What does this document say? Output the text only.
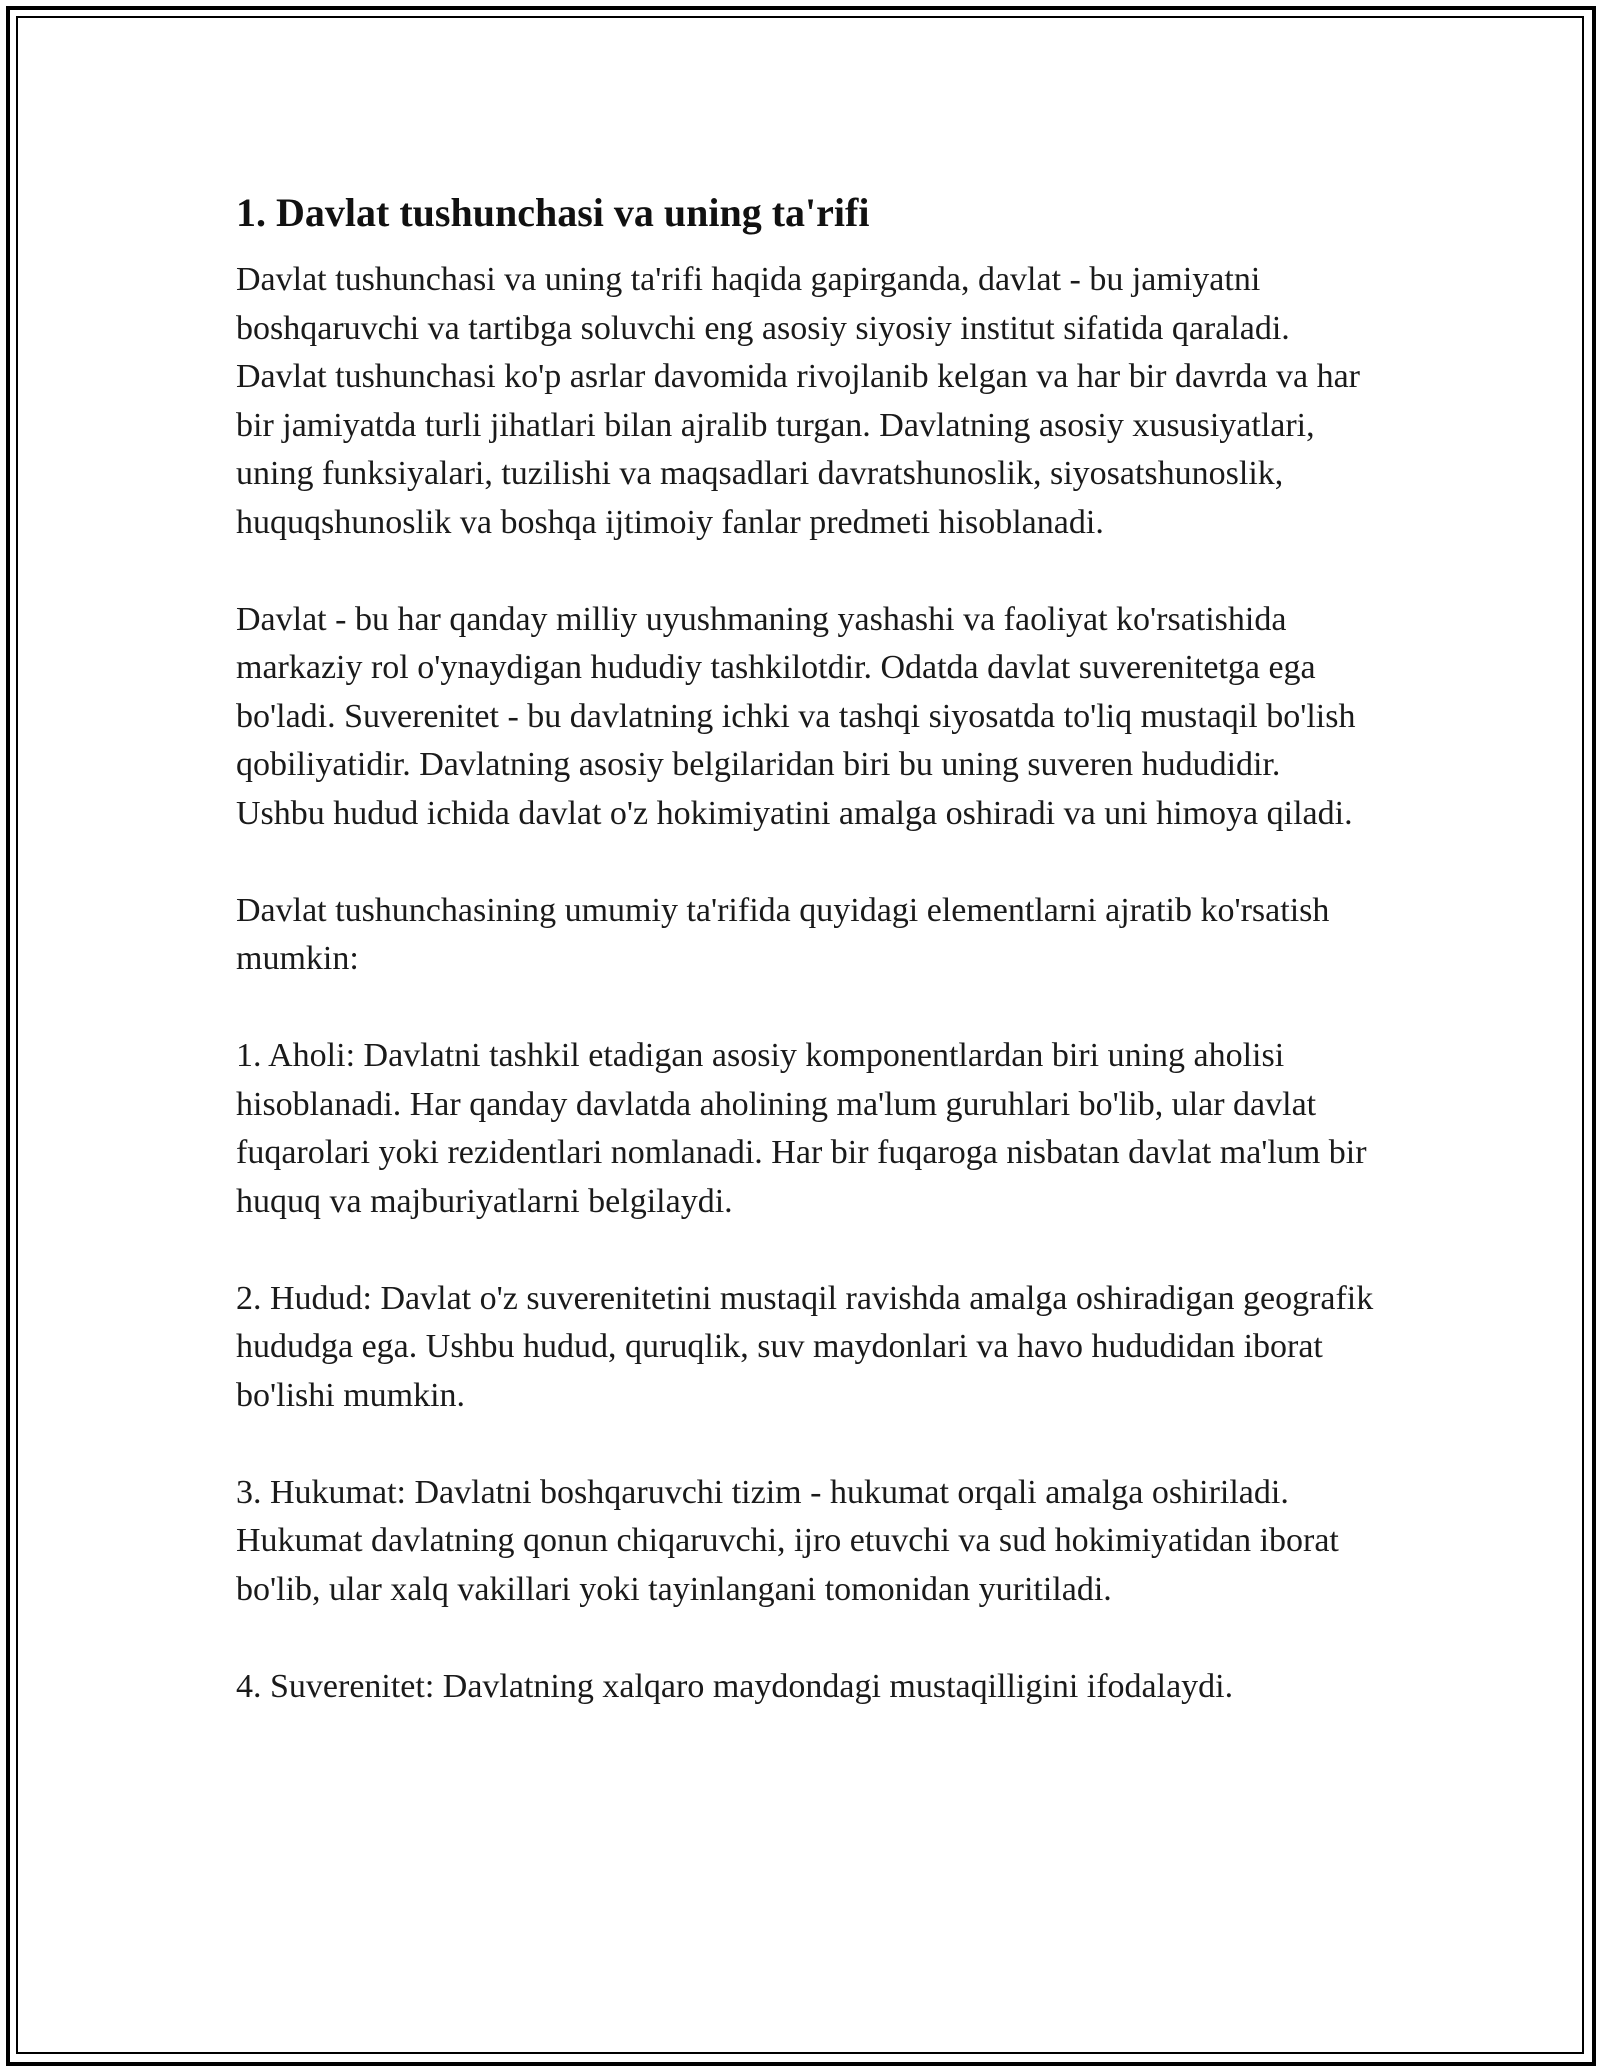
1. Davlat tushunchasi va uning ta'rifi

Davlat tushunchasi va uning ta'rifi haqida gapirganda, davlat - bu jamiyatni boshqaruvchi va tartibga soluvchi eng asosiy siyosiy institut sifatida qaraladi. Davlat tushunchasi ko'p asrlar davomida rivojlanib kelgan va har bir davrda va har bir jamiyatda turli jihatlari bilan ajralib turgan. Davlatning asosiy xususiyatlari, uning funksiyalari, tuzilishi va maqsadlari davratshunoslik, siyosatshunoslik, huquqshunoslik va boshqa ijtimoiy fanlar predmeti hisoblanadi.

Davlat - bu har qanday milliy uyushmaning yashashi va faoliyat ko'rsatishida markaziy rol o'ynaydigan hududiy tashkilotdir. Odatda davlat suverenitetga ega bo'ladi. Suverenitet - bu davlatning ichki va tashqi siyosatda to'liq mustaqil bo'lish qobiliyatidir. Davlatning asosiy belgilaridan biri bu uning suveren hududidir. Ushbu hudud ichida davlat o'z hokimiyatini amalga oshiradi va uni himoya qiladi.

Davlat tushunchasining umumiy ta'rifida quyidagi elementlarni ajratib ko'rsatish mumkin:

1. Aholi: Davlatni tashkil etadigan asosiy komponentlardan biri uning aholisi hisoblanadi. Har qanday davlatda aholining ma'lum guruhlari bo'lib, ular davlat fuqarolari yoki rezidentlari nomlanadi. Har bir fuqaroga nisbatan davlat ma'lum bir huquq va majburiyatlarni belgilaydi.

2. Hudud: Davlat o'z suverenitetini mustaqil ravishda amalga oshiradigan geografik hududga ega. Ushbu hudud, quruqlik, suv maydonlari va havo hududidan iborat bo'lishi mumkin.

3. Hukumat: Davlatni boshqaruvchi tizim - hukumat orqali amalga oshiriladi. Hukumat davlatning qonun chiqaruvchi, ijro etuvchi va sud hokimiyatidan iborat bo'lib, ular xalq vakillari yoki tayinlangani tomonidan yuritiladi.

4. Suverenitet: Davlatning xalqaro maydondagi mustaqilligini ifodalaydi.
